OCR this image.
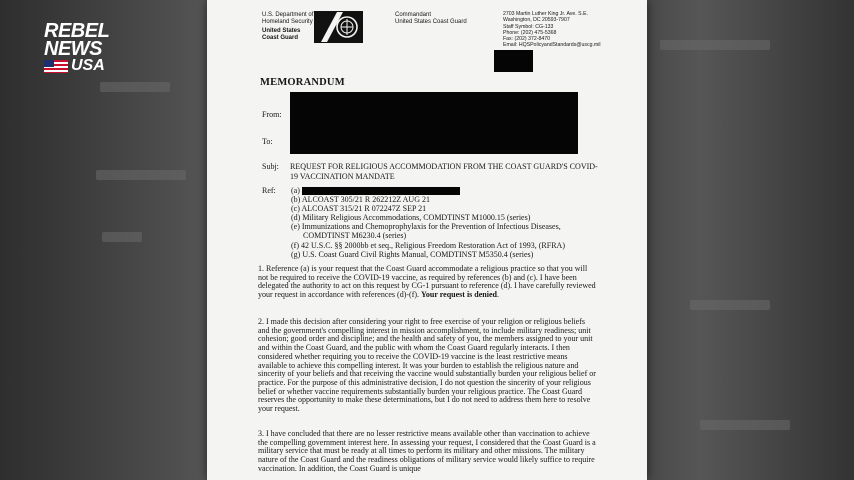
REBEL
NEWS
USA
U.S. Department of
Homeland Security
United States
Coast Guard
Commandant
United States Coast Guard
2703 Martin Luther King Jr. Ave. S.E.
Washington, DC 20593-7907
Staff Symbol: CG-133
Phone: (202) 475-5368
Fax: (202) 372-8470
Email: HQSPolicyandStandards@uscg.mil
MEMORANDUM
From:
To:
Subj: REQUEST FOR RELIGIOUS ACCOMMODATION FROM THE COAST GUARD'S COVID-19 VACCINATION MANDATE
Ref: (a)
(b) ALCOAST 305/21 R 262212Z AUG 21
(c) ALCOAST 315/21 R 072247Z SEP 21
(d) Military Religious Accommodations, COMDTINST M1000.15 (series)
(e) Immunizations and Chemoprophylaxis for the Prevention of Infectious Diseases,
COMDTINST M6230.4 (series)
(f) 42 U.S.C. §§ 2000bb et seq., Religious Freedom Restoration Act of 1993, (RFRA)
(g) U.S. Coast Guard Civil Rights Manual, COMDTINST M5350.4 (series)

1. Reference (a) is your request that the Coast Guard accommodate a religious practice so that you will not be required to receive the COVID-19 vaccine, as required by references (b) and (c). I have been delegated the authority to act on this request by CG-1 pursuant to reference (d). I have carefully reviewed your request in accordance with references (d)-(f). Your request is denied.

2. I made this decision after considering your right to free exercise of your religion or religious beliefs and the government's compelling interest in mission accomplishment, to include military readiness; unit cohesion; good order and discipline; and the health and safety of you, the members assigned to your unit and within the Coast Guard, and the public with whom the Coast Guard regularly interacts. I then considered whether requiring you to receive the COVID-19 vaccine is the least restrictive means available to achieve this compelling interest. It was your burden to establish the religious nature and sincerity of your beliefs and that receiving the vaccine would substantially burden your religious belief or practice. For the purpose of this administrative decision, I do not question the sincerity of your religious belief or whether vaccine requirements substantially burden your religious practice. The Coast Guard reserves the opportunity to make these determinations, but I do not need to address them here to resolve your request.

3. I have concluded that there are no lesser restrictive means available other than vaccination to achieve the compelling government interest here. In assessing your request, I considered that the Coast Guard is a military service that must be ready at all times to perform its military and other missions. The military nature of the Coast Guard and the readiness obligations of military service would likely suffice to require vaccination. In addition, the Coast Guard is unique
